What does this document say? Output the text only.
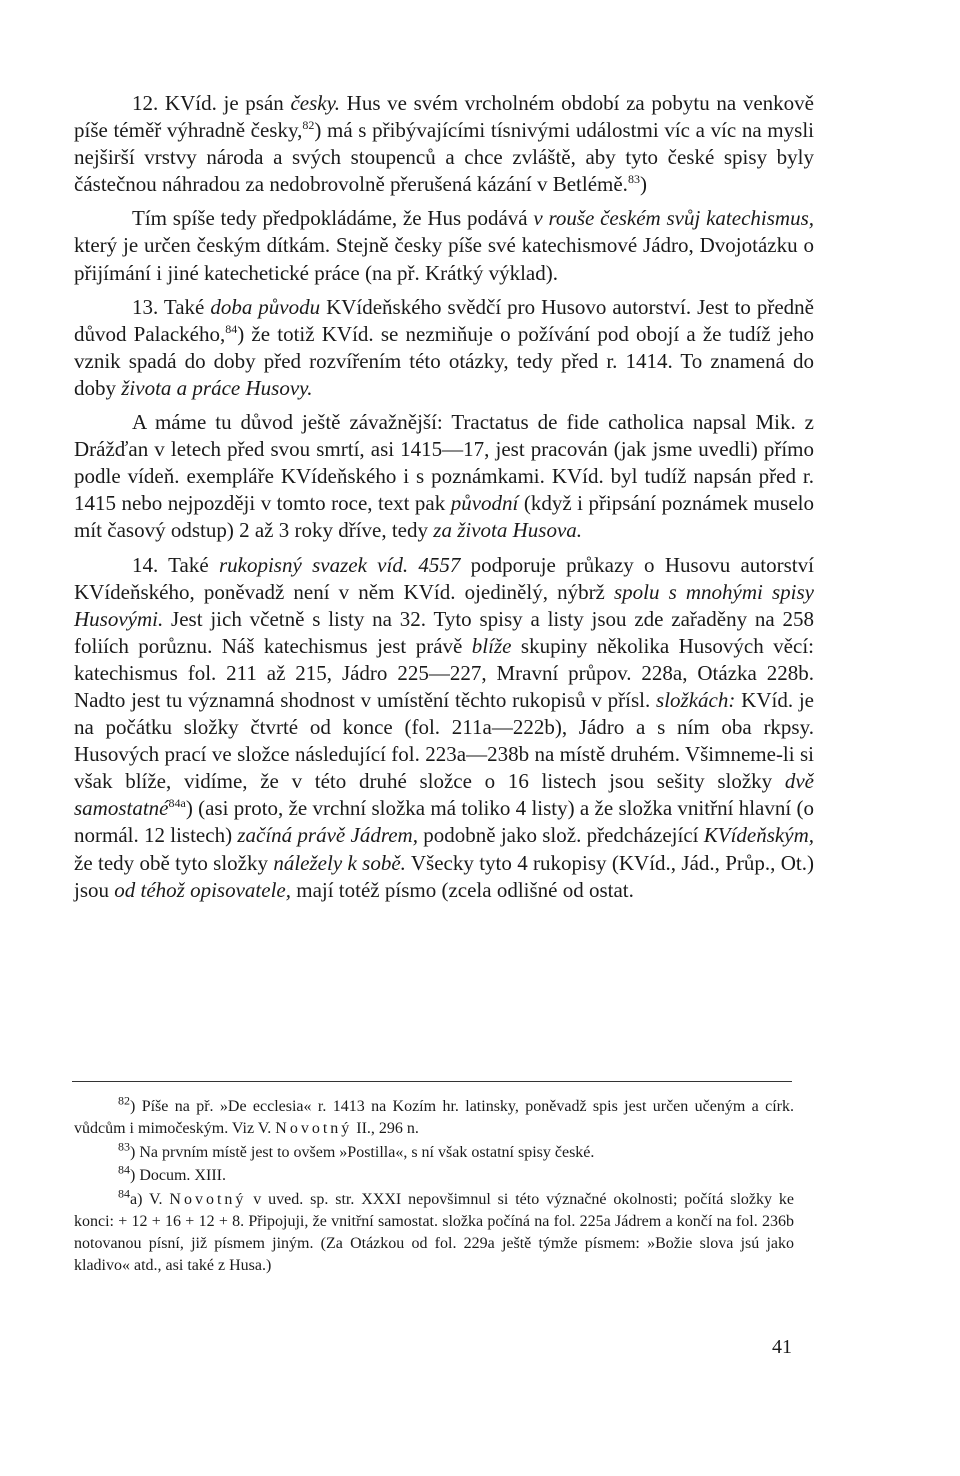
12. KVíd. je psán česky. Hus ve svém vrcholném období za pobytu na venkově píše téměř výhradně česky,$^{82}$) má s přibývajícími tísnivými událostmi víc a víc na mysli nejširší vrstvy národa a svých stoupenců a chce zvláště, aby tyto české spisy byly částečnou náhradou za nedobrovolně přerušená kázání v Betlémě.$^{83}$)

Tím spíše tedy předpokládáme, že Hus podává v rouše českém svůj katechismus, který je určen českým dítkám. Stejně česky píše své katechismové Jádro, Dvojotázku o přijímání i jiné katechetické práce (na př. Krátký výklad).

13. Také doba původu KVídeňského svědčí pro Husovo autorství. Jest to předně důvod Palackého,$^{84}$) že totiž KVíd. se nezmiňuje o požívání pod obojí a že tudíž jeho vznik spadá do doby před rozvířením této otázky, tedy před r. 1414. To znamená do doby života a práce Husovy.

A máme tu důvod ještě závažnější: Tractatus de fide catholica napsal Mik. z Drážďan v letech před svou smrtí, asi 1415—17, jest pracován (jak jsme uvedli) přímo podle vídeň. exempláře KVídeňského i s poznámkami. KVíd. byl tudíž napsán před r. 1415 nebo nejpozději v tomto roce, text pak původní (když i připsání poznámek muselo mít časový odstup) 2 až 3 roky dříve, tedy za života Husova.

14. Také rukopisný svazek víd. 4557 podporuje průkazy o Husovu autorství KVídeňského, poněvadž není v něm KVíd. ojedinělý, nýbrž spolu s mnohými spisy Husovými. Jest jich včetně s listy na 32. Tyto spisy a listy jsou zde zařaděny na 258 foliích porůznu. Náš katechismus jest právě blíže skupiny několika Husových věcí: katechismus fol. 211 až 215, Jádro 225—227, Mravní průpov. 228a, Otázka 228b. Nadto jest tu významná shodnost v umístění těchto rukopisů v přísl. složkách: KVíd. je na počátku složky čtvrté od konce (fol. 211a—222b), Jádro a s ním oba rkpsy. Husových prací ve složce následující fol. 223a—238b na místě druhém. Všimneme-li si však blíže, vidíme, že v této druhé složce o 16 listech jsou sešity složky dvě samostatné$^{84a}$) (asi proto, že vrchní složka má toliko 4 listy) a že složka vnitřní hlavní (o normál. 12 listech) začíná právě Jádrem, podobně jako slož. předcházející KVídeňským, že tedy obě tyto složky náležely k sobě. Všecky tyto 4 rukopisy (KVíd., Jád., Průp., Ot.) jsou od téhož opisovatele, mají totéž písmo (zcela odlišné od ostat.

$^{82}$) Píše na př. »De ecclesia« r. 1413 na Kozím hr. latinsky, poněvadž spis jest určen učeným a círk. vůdcům i mimočeským. Viz V. Novotný II., 296 n.

$^{83}$) Na prvním místě jest to ovšem »Postilla«, s ní však ostatní spisy české.

$^{84}$) Docum. XIII.

$^{84}$a) V. Novotný v uved. sp. str. XXXI nepovšimnul si této význačné okolnosti; počítá složky ke konci: + 12 + 16 + 12 + 8. Připojuji, že vnitřní samostat. složka počíná na fol. 225a Jádrem a končí na fol. 236b notovanou písní, již písmem jiným. (Za Otázkou od fol. 229a ještě týmže písmem: »Božie slova jsú jako kladivo« atd., asi také z Husa.)

41
